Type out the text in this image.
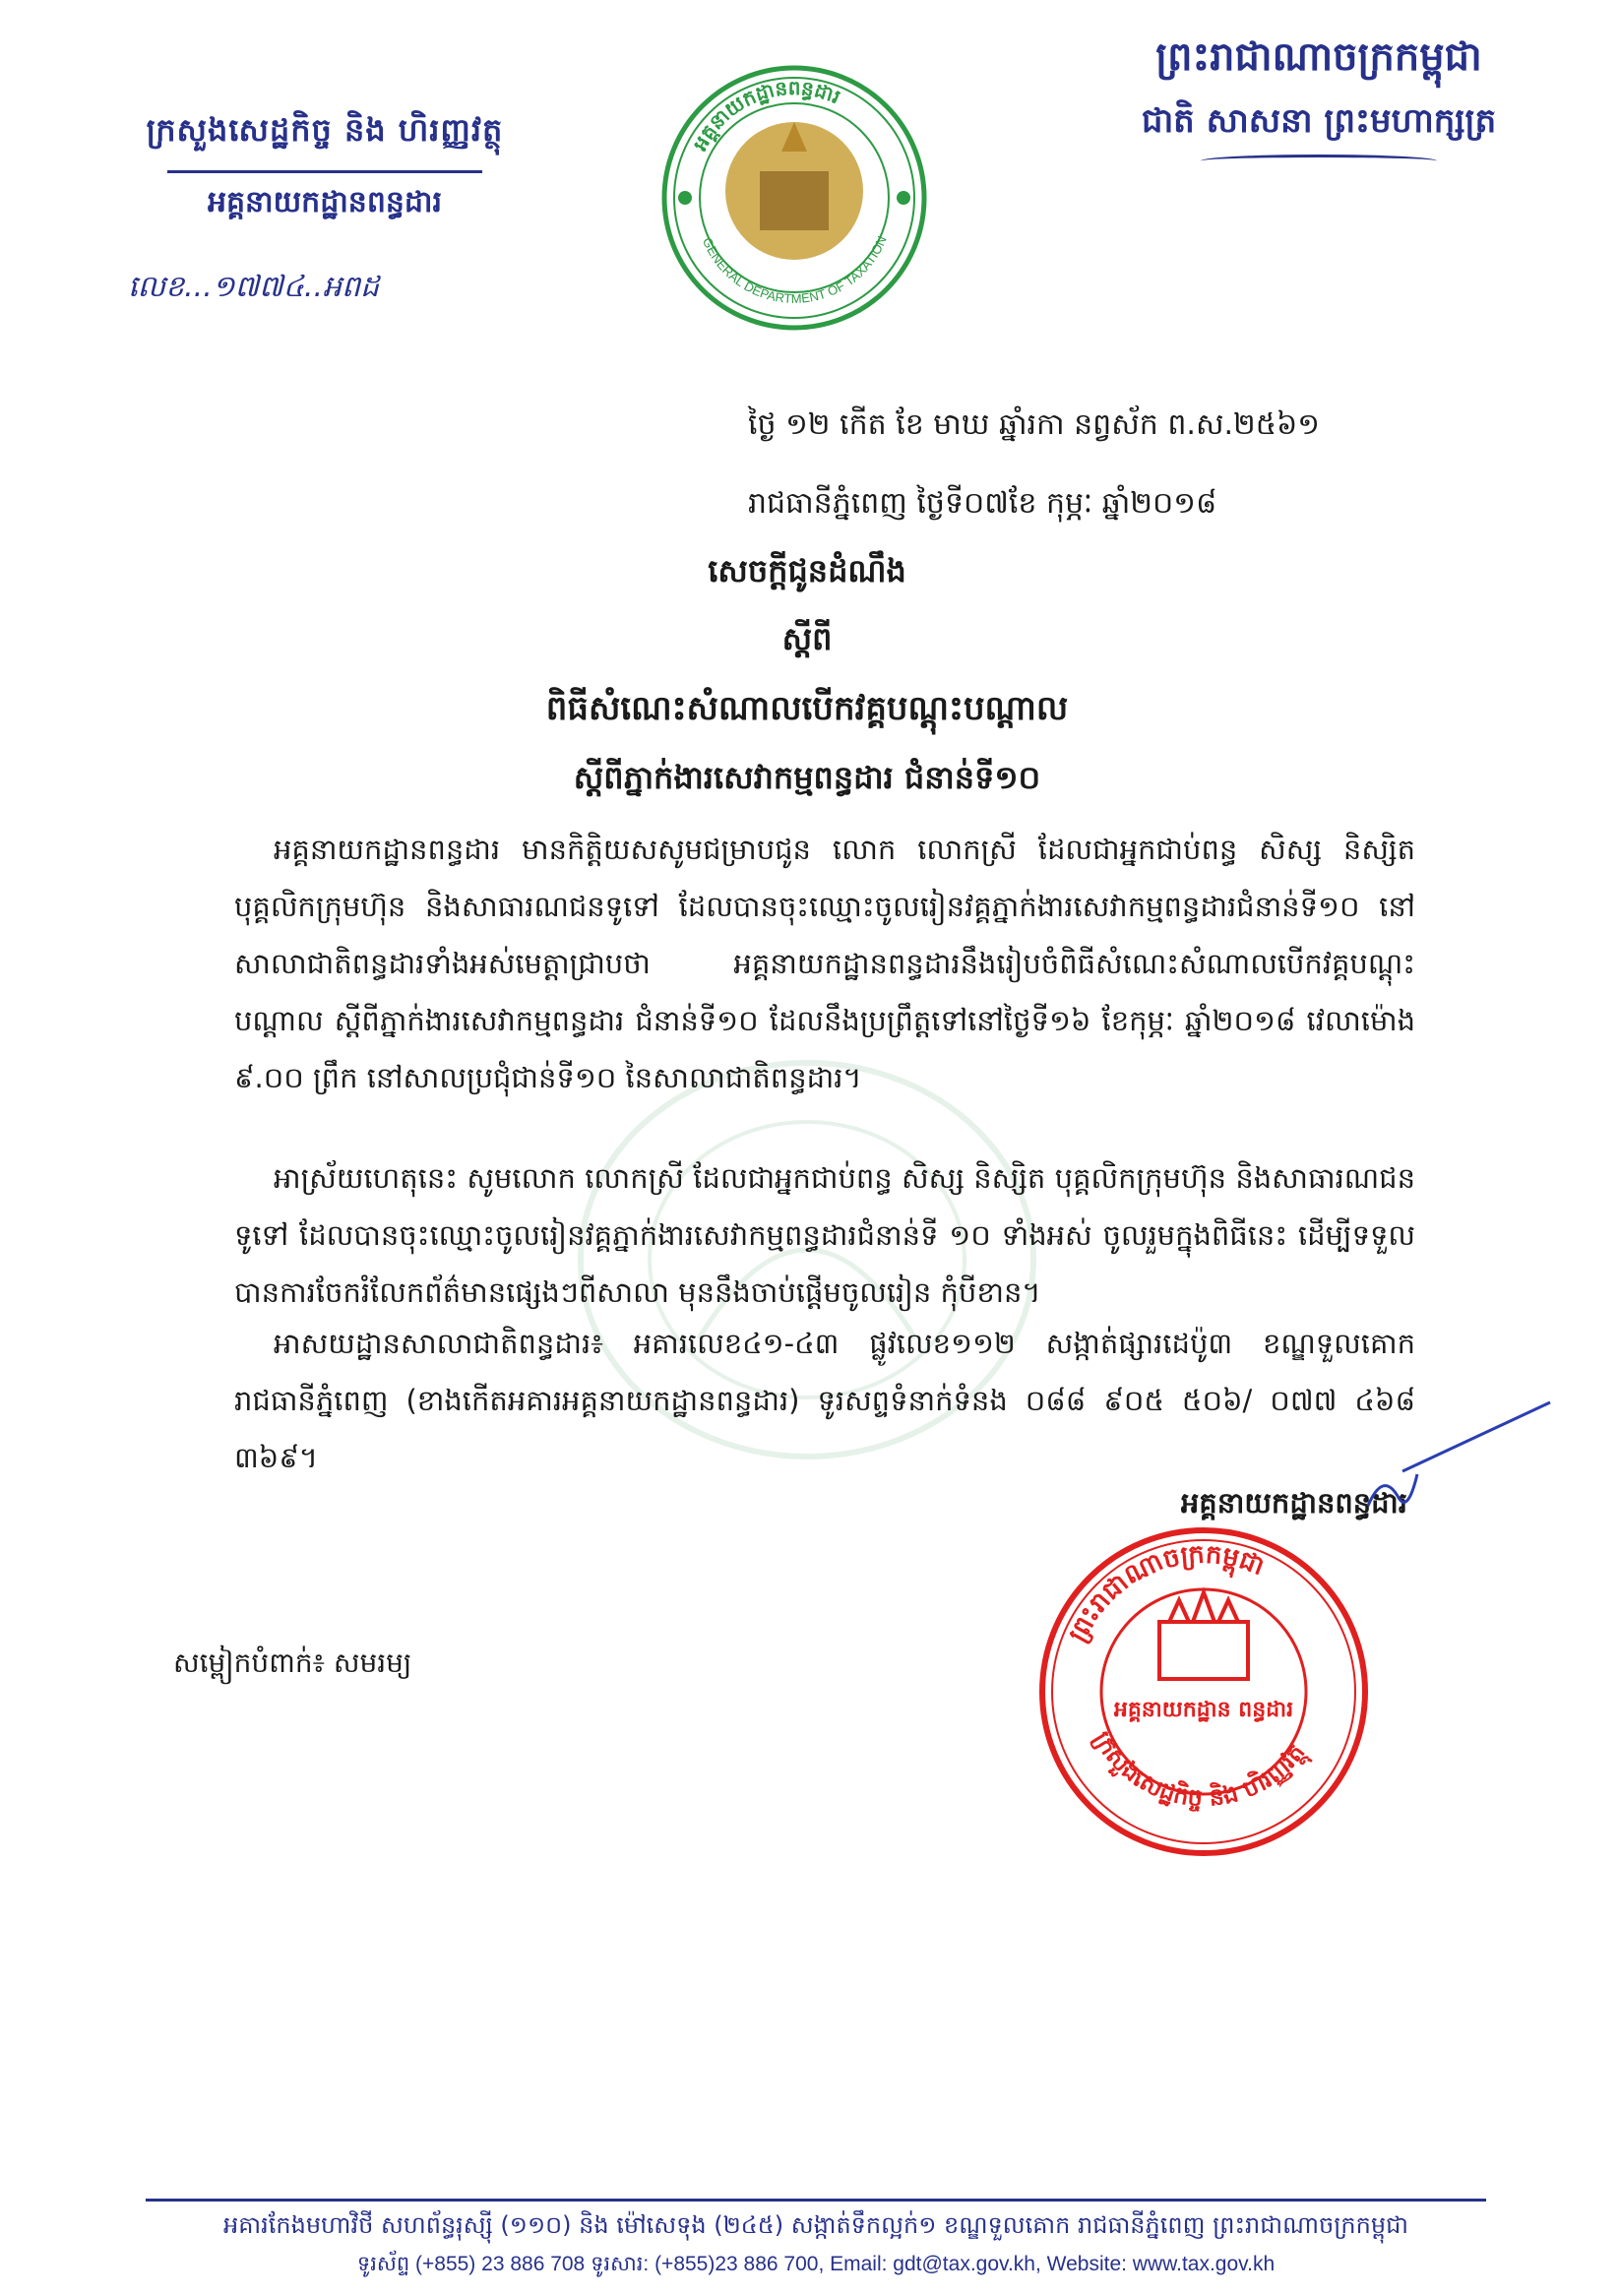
ក្រសួងសេដ្ឋកិច្ច និង ហិរញ្ញវត្ថុ
អគ្គនាយកដ្ឋានពន្ធដារ
លេខ...១៧៧៤..អពដ
GENERAL DEPARTMENT OF TAXATION
អគ្គនាយកដ្ឋានពន្ធដារ
ព្រះរាជាណាចក្រកម្ពុជា
ជាតិ សាសនា ព្រះមហាក្សត្រ
ថ្ងៃ ១២ កើត ខែ មាឃ ឆ្នាំរកា នព្វស័ក ព.ស.២៥៦១
រាជធានីភ្នំពេញ ថ្ងៃទី០៧ខែ កុម្ភៈ ឆ្នាំ២០១៨
សេចក្តីជូនដំណឹង
ស្តីពី
ពិធីសំណេះសំណាលបើកវគ្គបណ្តុះបណ្តាល
ស្តីពីភ្នាក់ងារសេវាកម្មពន្ធដារ ជំនាន់ទី១០
អគ្គនាយកដ្ឋានពន្ធដារ មានកិត្តិយសសូមជម្រាបជូន លោក លោកស្រី ដែលជាអ្នកជាប់ពន្ធ សិស្ស និស្សិត បុគ្គលិកក្រុមហ៊ុន និងសាធារណជនទូទៅ ដែលបានចុះឈ្មោះចូលរៀនវគ្គភ្នាក់ងារសេវាកម្មពន្ធដារជំនាន់ទី១០ នៅសាលាជាតិពន្ធដារទាំងអស់មេត្តាជ្រាបថា អគ្គនាយកដ្ឋានពន្ធដារនឹងរៀបចំពិធីសំណេះសំណាលបើកវគ្គបណ្តុះបណ្តាល ស្តីពីភ្នាក់ងារសេវាកម្មពន្ធដារ ជំនាន់ទី១០ ដែលនឹងប្រព្រឹត្តទៅនៅថ្ងៃទី១៦ ខែកុម្ភៈ ឆ្នាំ២០១៨ វេលាម៉ោង ៩.០០ ព្រឹក នៅសាលប្រជុំជាន់ទី១០ នៃសាលាជាតិពន្ធដារ។
អាស្រ័យហេតុនេះ សូមលោក លោកស្រី ដែលជាអ្នកជាប់ពន្ធ សិស្ស និស្សិត បុគ្គលិកក្រុមហ៊ុន និងសាធារណជនទូទៅ ដែលបានចុះឈ្មោះចូលរៀនវគ្គភ្នាក់ងារសេវាកម្មពន្ធដារជំនាន់ទី ១០ ទាំងអស់ ចូលរួមក្នុងពិធីនេះ ដើម្បីទទួលបានការចែករំលែកព័ត៌មានផ្សេងៗពីសាលា មុននឹងចាប់ផ្តើមចូលរៀន កុំបីខាន។
អាសយដ្ឋានសាលាជាតិពន្ធដារ៖ អគារលេខ៤១-៤៣ ផ្លូវលេខ១១២ សង្កាត់ផ្សារដេប៉ូ៣ ខណ្ឌទួលគោក រាជធានីភ្នំពេញ (ខាងកើតអគារអគ្គនាយកដ្ឋានពន្ធដារ) ទូរសព្ទទំនាក់ទំនង ០៨៨ ៩០៥ ៥០៦/ ០៧៧ ៤៦៨ ៣៦៩។
អគ្គនាយកដ្ឋានពន្ធដារ
ព្រះរាជាណាចក្រកម្ពុជា
ក្រសួងសេដ្ឋកិច្ច និង ហិរញ្ញវត្ថុ
អគ្គនាយកដ្ឋាន ពន្ធដារ
សម្ពៀកបំពាក់៖ សមរម្យ
អគារកែងមហាវិថី សហព័ន្ធរុស្ស៊ី (១១០) និង ម៉ៅសេទុង (២៤៥) សង្កាត់ទឹកល្អក់១ ខណ្ឌទួលគោក រាជធានីភ្នំពេញ ព្រះរាជាណាចក្រកម្ពុជា
ទូរស័ព្ទ (+855) 23 886 708 ទូរសារ: (+855)23 886 700, Email: gdt@tax.gov.kh, Website: www.tax.gov.kh
